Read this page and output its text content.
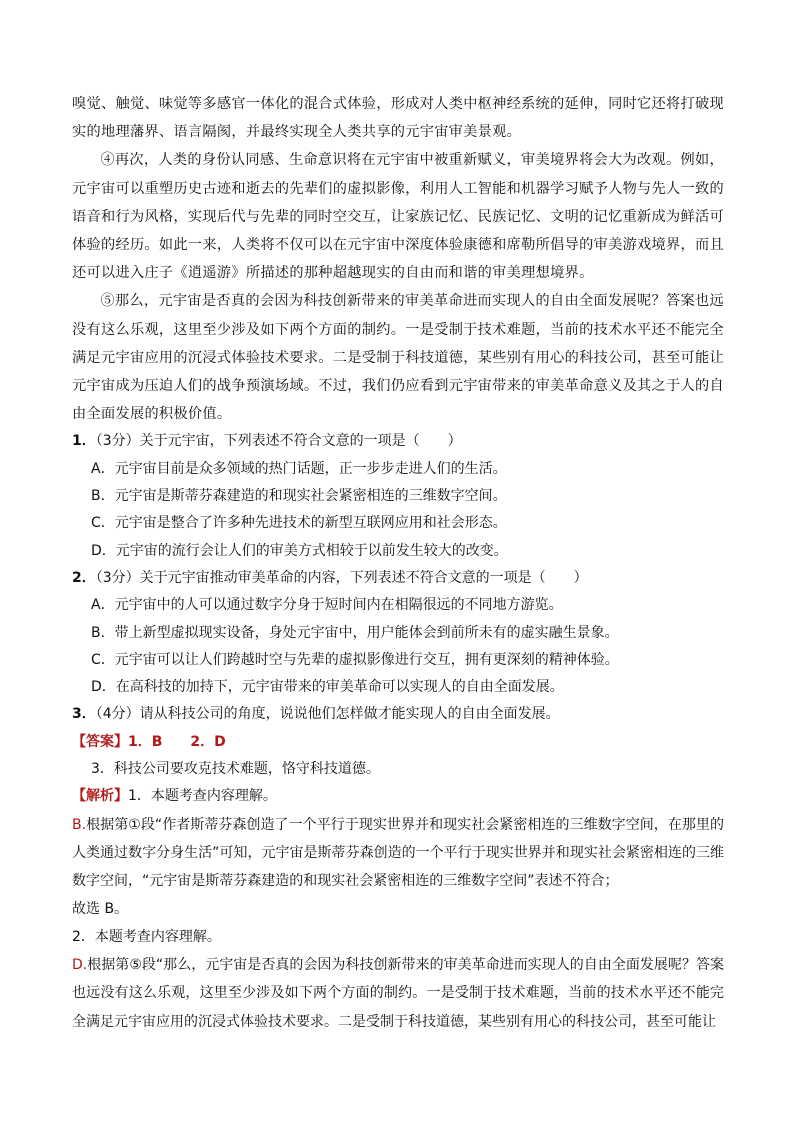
嗅觉、触觉、味觉等多感官一体化的混合式体验，形成对人类中枢神经系统的延伸，同时它还将打破现实的地理藩界、语言隔阂，并最终实现全人类共享的元宇宙审美景观。

④再次，人类的身份认同感、生命意识将在元宇宙中被重新赋义，审美境界将会大为改观。例如，元宇宙可以重塑历史古迹和逝去的先辈们的虚拟影像，利用人工智能和机器学习赋予人物与先人一致的语音和行为风格，实现后代与先辈的同时空交互，让家族记忆、民族记忆、文明的记忆重新成为鲜活可体验的经历。如此一来，人类将不仅可以在元宇宙中深度体验康德和席勒所倡导的审美游戏境界，而且还可以进入庄子《逍遥游》所描述的那种超越现实的自由而和谐的审美理想境界。

⑤那么，元宇宙是否真的会因为科技创新带来的审美革命进而实现人的自由全面发展呢？答案也远没有这么乐观，这里至少涉及如下两个方面的制约。一是受制于技术难题，当前的技术水平还不能完全满足元宇宙应用的沉浸式体验技术要求。二是受制于科技道德，某些别有用心的科技公司，甚至可能让元宇宙成为压迫人们的战争预演场域。不过，我们仍应看到元宇宙带来的审美革命意义及其之于人的自由全面发展的积极价值。

1．（3分）关于元宇宙，下列表述不符合文意的一项是（　　）

A．元宇宙目前是众多领域的热门话题，正一步步走进人们的生活。

B．元宇宙是斯蒂芬森建造的和现实社会紧密相连的三维数字空间。

C．元宇宙是整合了许多种先进技术的新型互联网应用和社会形态。

D．元宇宙的流行会让人们的审美方式相较于以前发生较大的改变。

2．（3分）关于元宇宙推动审美革命的内容，下列表述不符合文意的一项是（　　）

A．元宇宙中的人可以通过数字分身于短时间内在相隔很远的不同地方游览。

B．带上新型虚拟现实设备，身处元宇宙中，用户能体会到前所未有的虚实融生景象。

C．元宇宙可以让人们跨越时空与先辈的虚拟影像进行交互，拥有更深刻的精神体验。

D．在高科技的加持下，元宇宙带来的审美革命可以实现人的自由全面发展。

3．（4分）请从科技公司的角度，说说他们怎样做才能实现人的自由全面发展。

【答案】1．B　　2．D

3．科技公司要攻克技术难题，恪守科技道德。

【解析】1．本题考查内容理解。

B.根据第①段“作者斯蒂芬森创造了一个平行于现实世界并和现实社会紧密相连的三维数字空间，在那里的人类通过数字分身生活”可知，元宇宙是斯蒂芬森创造的一个平行于现实世界并和现实社会紧密相连的三维数字空间，“元宇宙是斯蒂芬森建造的和现实社会紧密相连的三维数字空间”表述不符合；

故选 B。

2．本题考查内容理解。

D.根据第⑤段“那么，元宇宙是否真的会因为科技创新带来的审美革命进而实现人的自由全面发展呢？答案也远没有这么乐观，这里至少涉及如下两个方面的制约。一是受制于技术难题，当前的技术水平还不能完全满足元宇宙应用的沉浸式体验技术要求。二是受制于科技道德，某些别有用心的科技公司，甚至可能让
